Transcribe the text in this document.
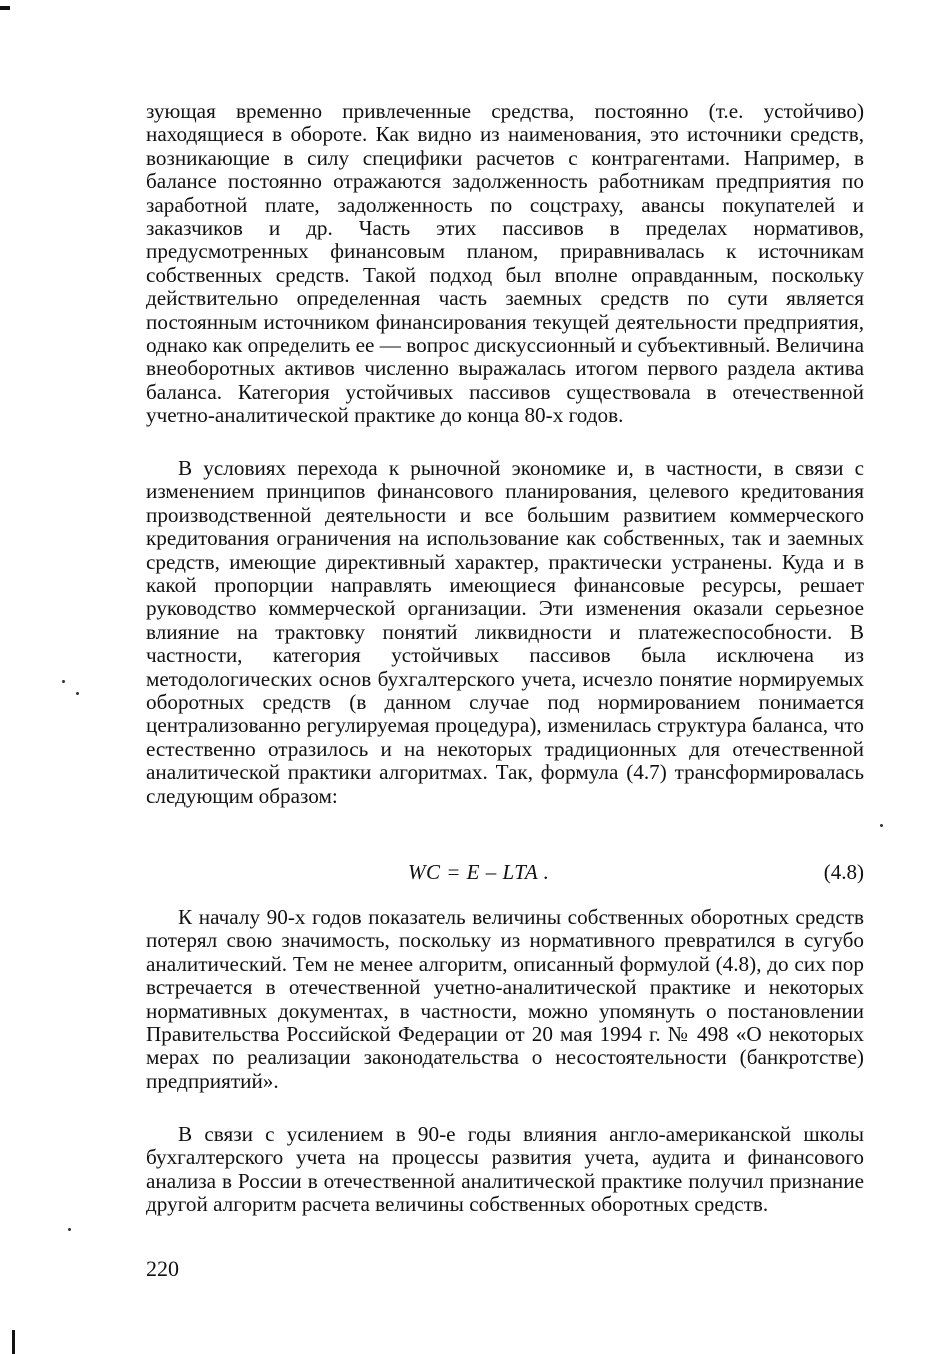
зующая временно привлеченные средства, постоянно (т.е. устойчиво) находящиеся в обороте. Как видно из наименования, это источники средств, возникающие в силу специфики расчетов с контрагентами. Например, в балансе постоянно отражаются задолженность работникам предприятия по заработной плате, задолженность по соцстраху, авансы покупателей и заказчиков и др. Часть этих пассивов в пределах нормативов, предусмотренных финансовым планом, приравнивалась к источникам собственных средств. Такой подход был вполне оправданным, поскольку действительно определенная часть заемных средств по сути является постоянным источником финансирования текущей деятельности предприятия, однако как определить ее — вопрос дискуссионный и субъективный. Величина внеоборотных активов численно выражалась итогом первого раздела актива баланса. Категория устойчивых пассивов существовала в отечественной учетно-аналитической практике до конца 80-х годов.

В условиях перехода к рыночной экономике и, в частности, в связи с изменением принципов финансового планирования, целевого кредитования производственной деятельности и все большим развитием коммерческого кредитования ограничения на использование как собственных, так и заемных средств, имеющие директивный характер, практически устранены. Куда и в какой пропорции направлять имеющиеся финансовые ресурсы, решает руководство коммерческой организации. Эти изменения оказали серьезное влияние на трактовку понятий ликвидности и платежеспособности. В частности, категория устойчивых пассивов была исключена из методологических основ бухгалтерского учета, исчезло понятие нормируемых оборотных средств (в данном случае под нормированием понимается централизованно регулируемая процедура), изменилась структура баланса, что естественно отразилось и на некоторых традиционных для отечественной аналитической практики алгоритмах. Так, формула (4.7) трансформировалась следующим образом:

WC = E – LTA .	(4.8)

К началу 90-х годов показатель величины собственных оборотных средств потерял свою значимость, поскольку из нормативного превратился в сугубо аналитический. Тем не менее алгоритм, описанный формулой (4.8), до сих пор встречается в отечественной учетно-аналитической практике и некоторых нормативных документах, в частности, можно упомянуть о постановлении Правительства Российской Федерации от 20 мая 1994 г. № 498 «О некоторых мерах по реализации законодательства о несостоятельности (банкротстве) предприятий».

В связи с усилением в 90-е годы влияния англо-американской школы бухгалтерского учета на процессы развития учета, аудита и финансового анализа в России в отечественной аналитической практике получил признание другой алгоритм расчета величины собственных оборотных средств.

220
